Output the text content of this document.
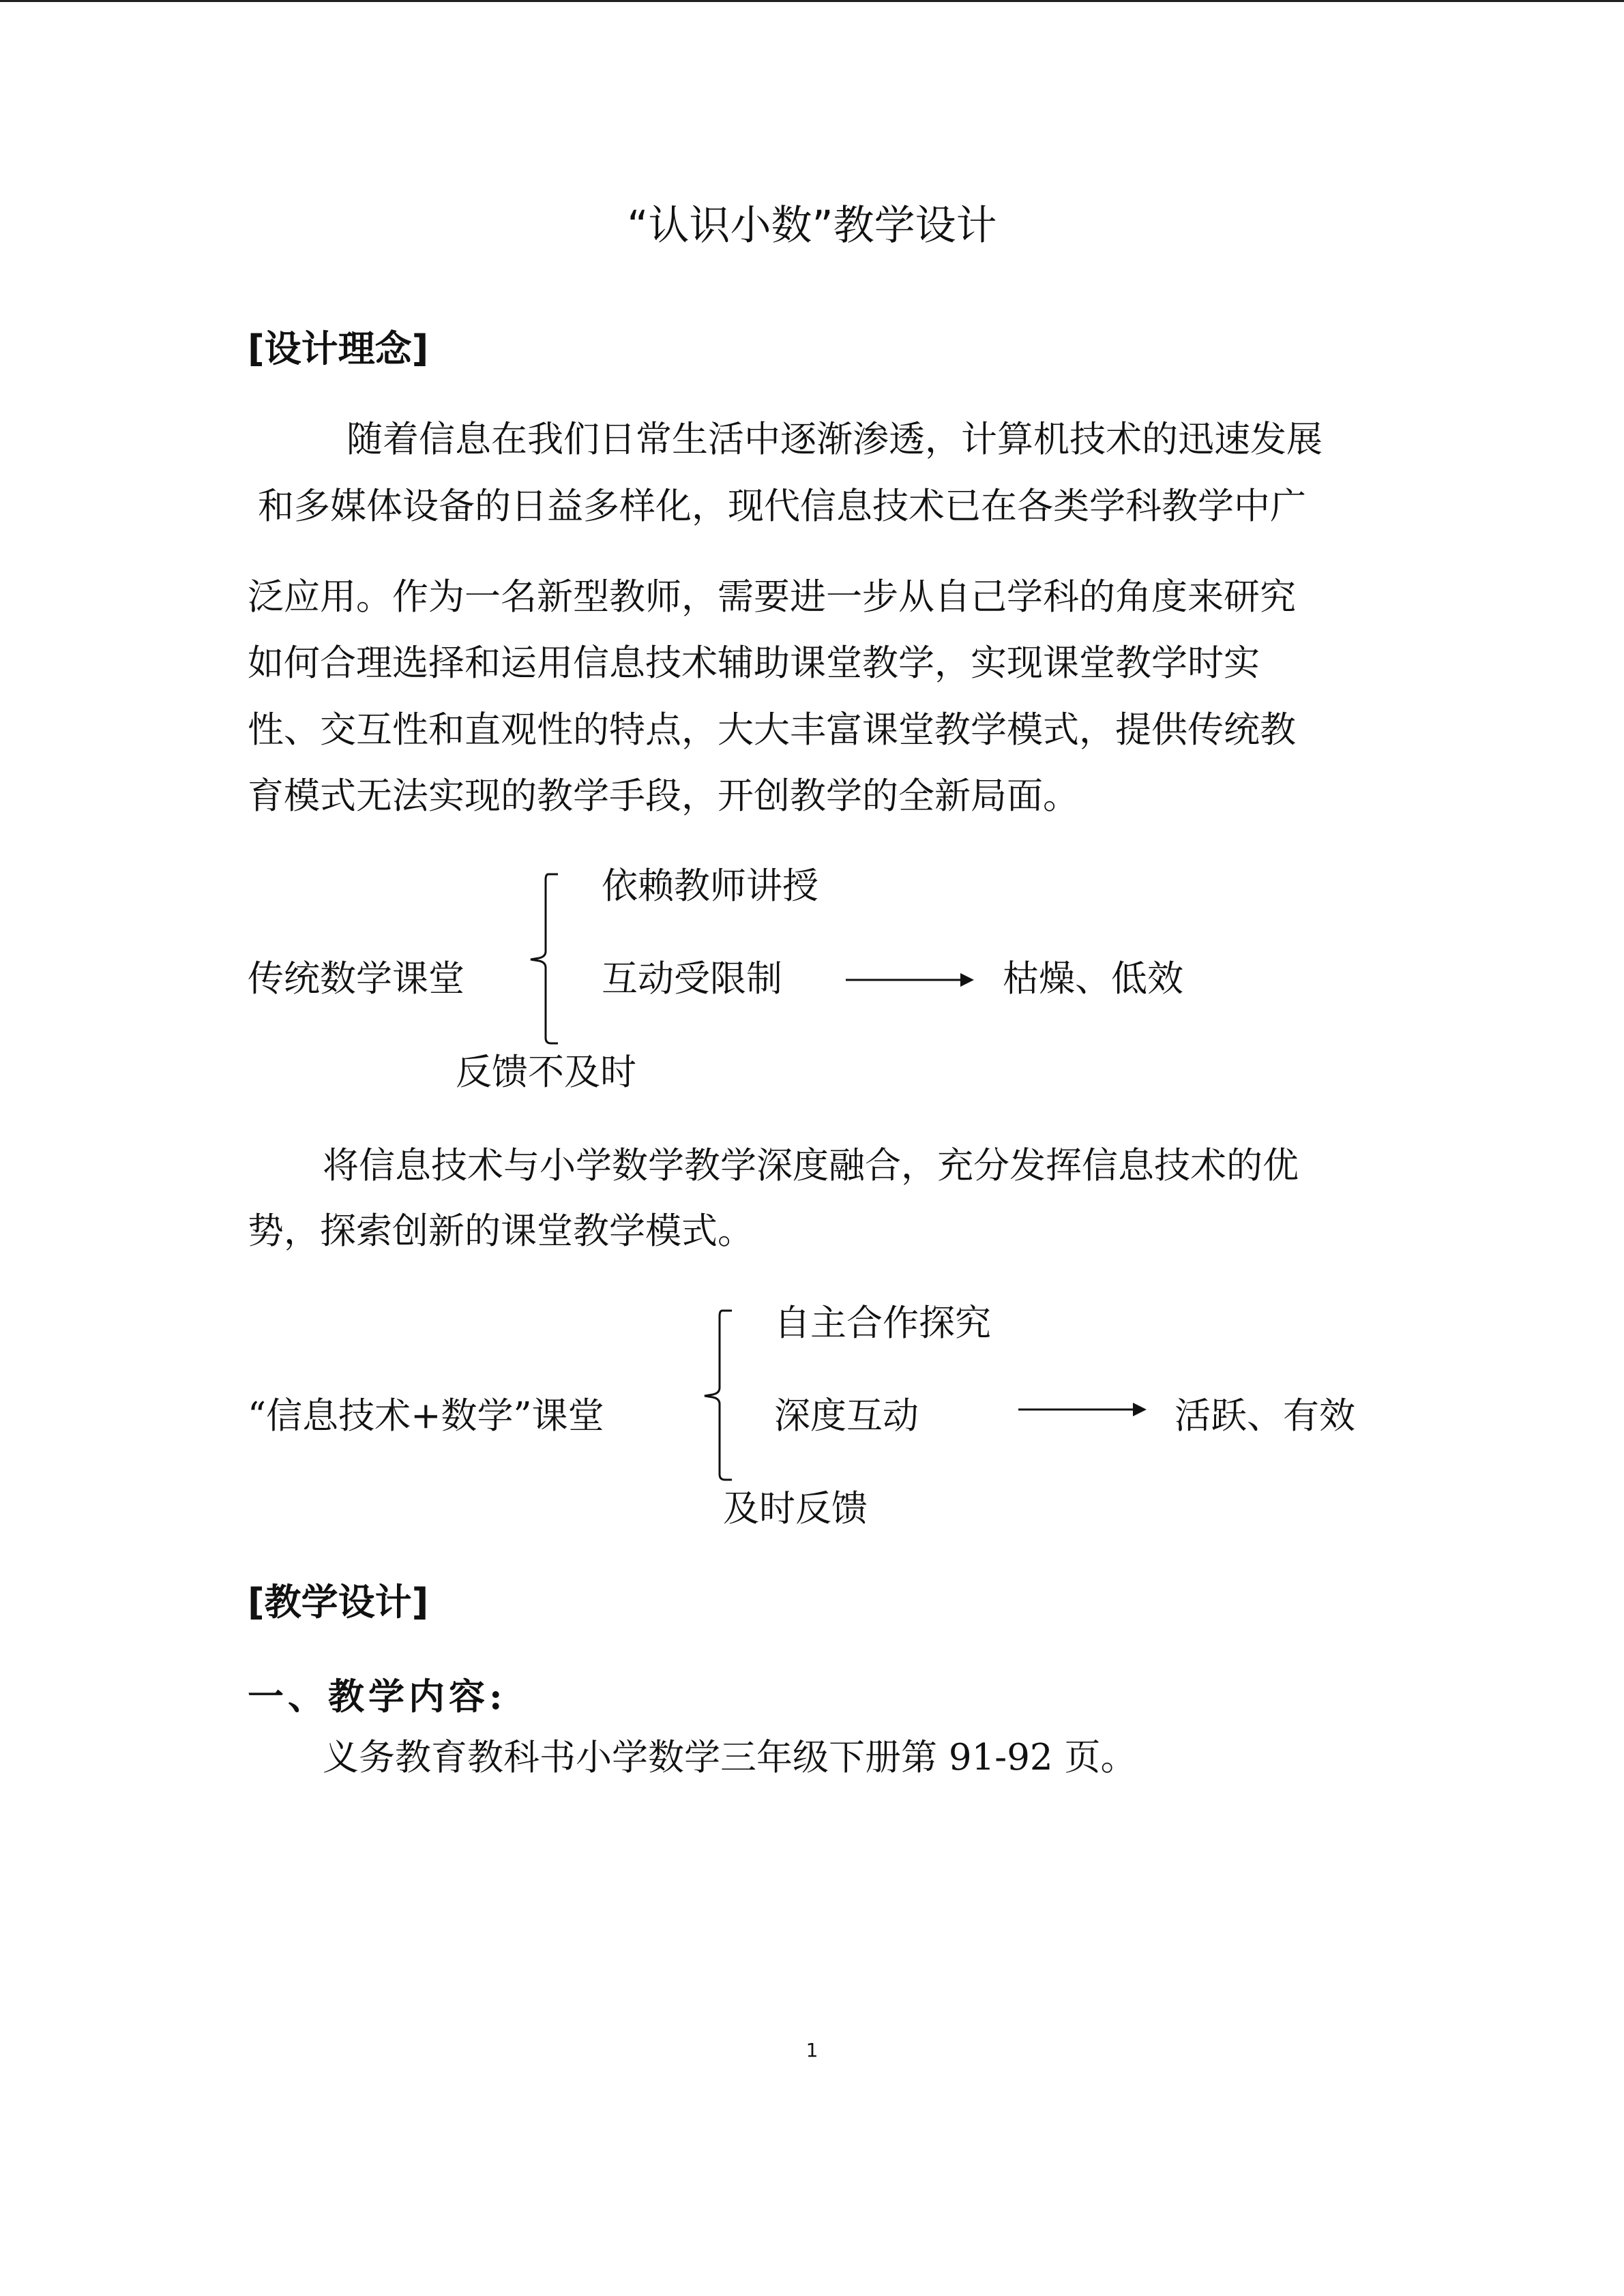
“认识小数”教学设计
[设计理念]
随着信息在我们日常生活中逐渐渗透，计算机技术的迅速发展
和多媒体设备的日益多样化，现代信息技术已在各类学科教学中广
泛应用。作为一名新型教师，需要进一步从自己学科的角度来研究
如何合理选择和运用信息技术辅助课堂教学，实现课堂教学时实
性、交互性和直观性的特点，大大丰富课堂教学模式，提供传统教
育模式无法实现的教学手段，开创教学的全新局面。
传统数学课堂
依赖教师讲授
互动受限制	枯燥、低效
反馈不及时
将信息技术与小学数学教学深度融合，充分发挥信息技术的优
势，探索创新的课堂教学模式。
“信息技术+数学”课堂
自主合作探究
深度互动	活跃、有效
及时反馈
[教学设计]
一、教学内容:
义务教育教科书小学数学三年级下册第 91-92 页。
1
